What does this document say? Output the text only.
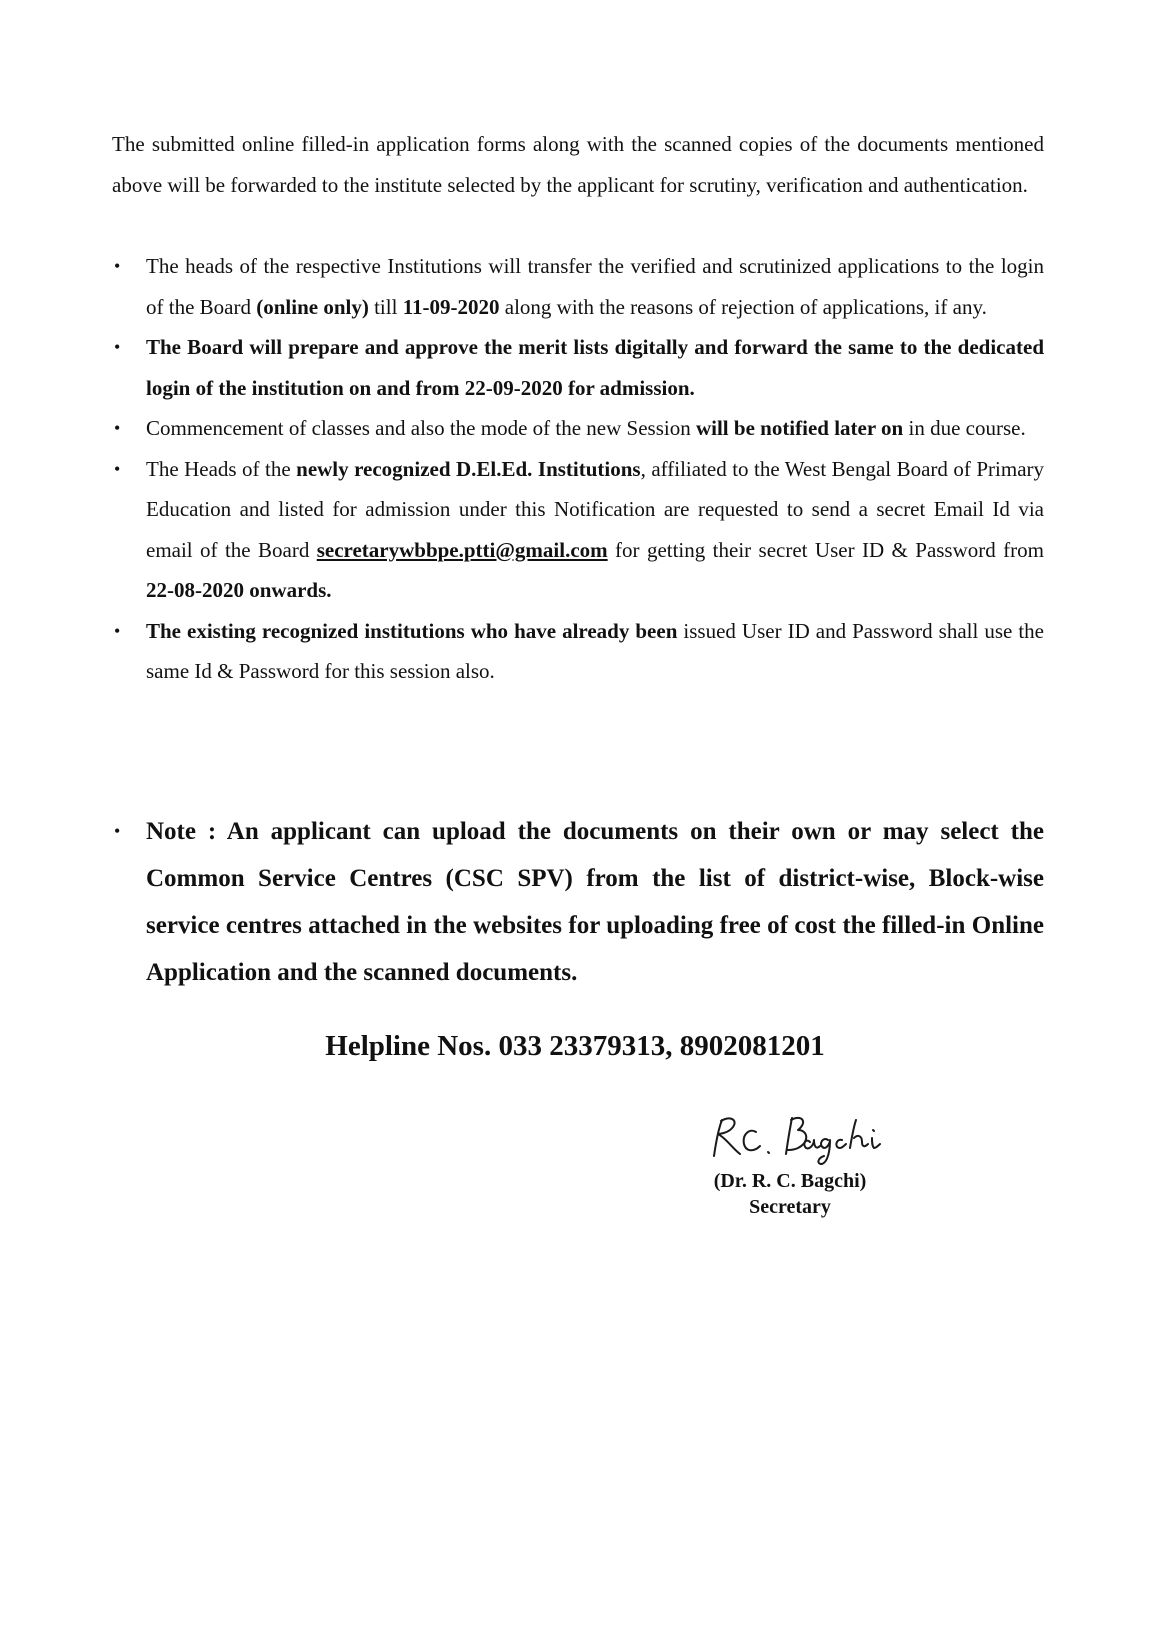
The submitted online filled-in application forms along with the scanned copies of the documents mentioned above will be forwarded to the institute selected by the applicant for scrutiny, verification and authentication.

• The heads of the respective Institutions will transfer the verified and scrutinized applications to the login of the Board (online only) till 11-09-2020 along with the reasons of rejection of applications, if any.
• The Board will prepare and approve the merit lists digitally and forward the same to the dedicated login of the institution on and from 22-09-2020 for admission.
• Commencement of classes and also the mode of the new Session will be notified later on in due course.
• The Heads of the newly recognized D.El.Ed. Institutions, affiliated to the West Bengal Board of Primary Education and listed for admission under this Notification are requested to send a secret Email Id via email of the Board secretarywbbpe.ptti@gmail.com for getting their secret User ID & Password from 22-08-2020 onwards.
• The existing recognized institutions who have already been issued User ID and Password shall use the same Id & Password for this session also.
• Note : An applicant can upload the documents on their own or may select the Common Service Centres (CSC SPV) from the list of district-wise, Block-wise service centres attached in the websites for uploading free of cost the filled-in Online Application and the scanned documents.
Helpline Nos. 033 23379313, 8902081201
(Dr. R. C. Bagchi)
Secretary
